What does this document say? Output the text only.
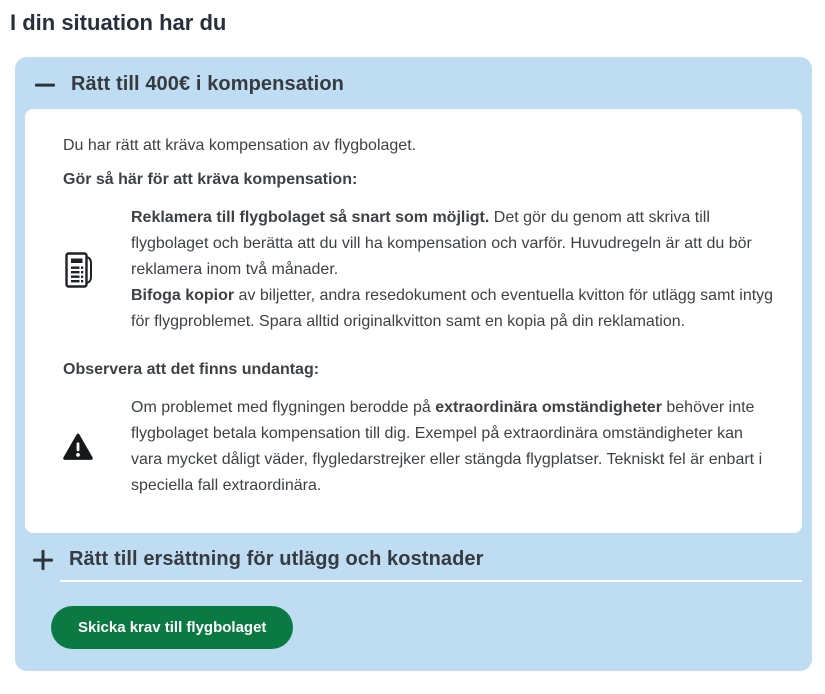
I din situation har du
Rätt till 400€ i kompensation

Du har rätt att kräva kompensation av flygbolaget.

Gör så här för att kräva kompensation:

Reklamera till flygbolaget så snart som möjligt. Det gör du genom att skriva till flygbolaget och berätta att du vill ha kompensation och varför. Huvudregeln är att du bör reklamera inom två månader.

Bifoga kopior av biljetter, andra resedokument och eventuella kvitton för utlägg samt intyg för flygproblemet. Spara alltid originalkvitton samt en kopia på din reklamation.

Observera att det finns undantag:

Om problemet med flygningen berodde på extraordinära omständigheter behöver inte flygbolaget betala kompensation till dig. Exempel på extraordinära omständigheter kan vara mycket dåligt väder, flygledarstrejker eller stängda flygplatser. Tekniskt fel är enbart i speciella fall extraordinära.

Rätt till ersättning för utlägg och kostnader
Skicka krav till flygbolaget
